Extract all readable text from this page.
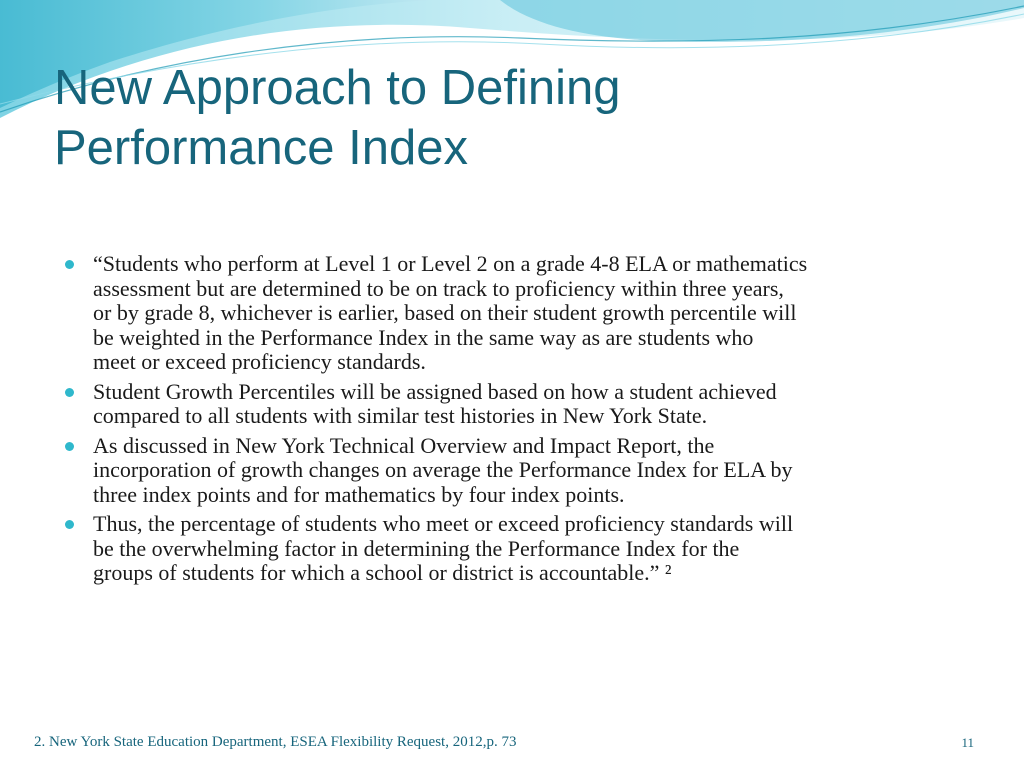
New Approach to Defining
Performance Index
“Students who perform at Level 1 or Level 2 on a grade 4-8 ELA or mathematics
assessment but are determined to be on track to proficiency within three years,
or by grade 8, whichever is earlier, based on their student growth percentile will
be weighted in the Performance Index in the same way as are students who
meet or exceed proficiency standards.
Student Growth Percentiles will be assigned based on how a student achieved
compared to all students with similar test histories in New York State.
As discussed in New York Technical Overview and Impact Report, the
incorporation of growth changes on average the Performance Index for ELA by
three index points and for mathematics by four index points.
Thus, the percentage of students who meet or exceed proficiency standards will
be the overwhelming factor in determining the Performance Index for the
groups of students for which a school or district is accountable.” ²
2. New York State Education Department, ESEA Flexibility Request, 2012,p. 73	11
